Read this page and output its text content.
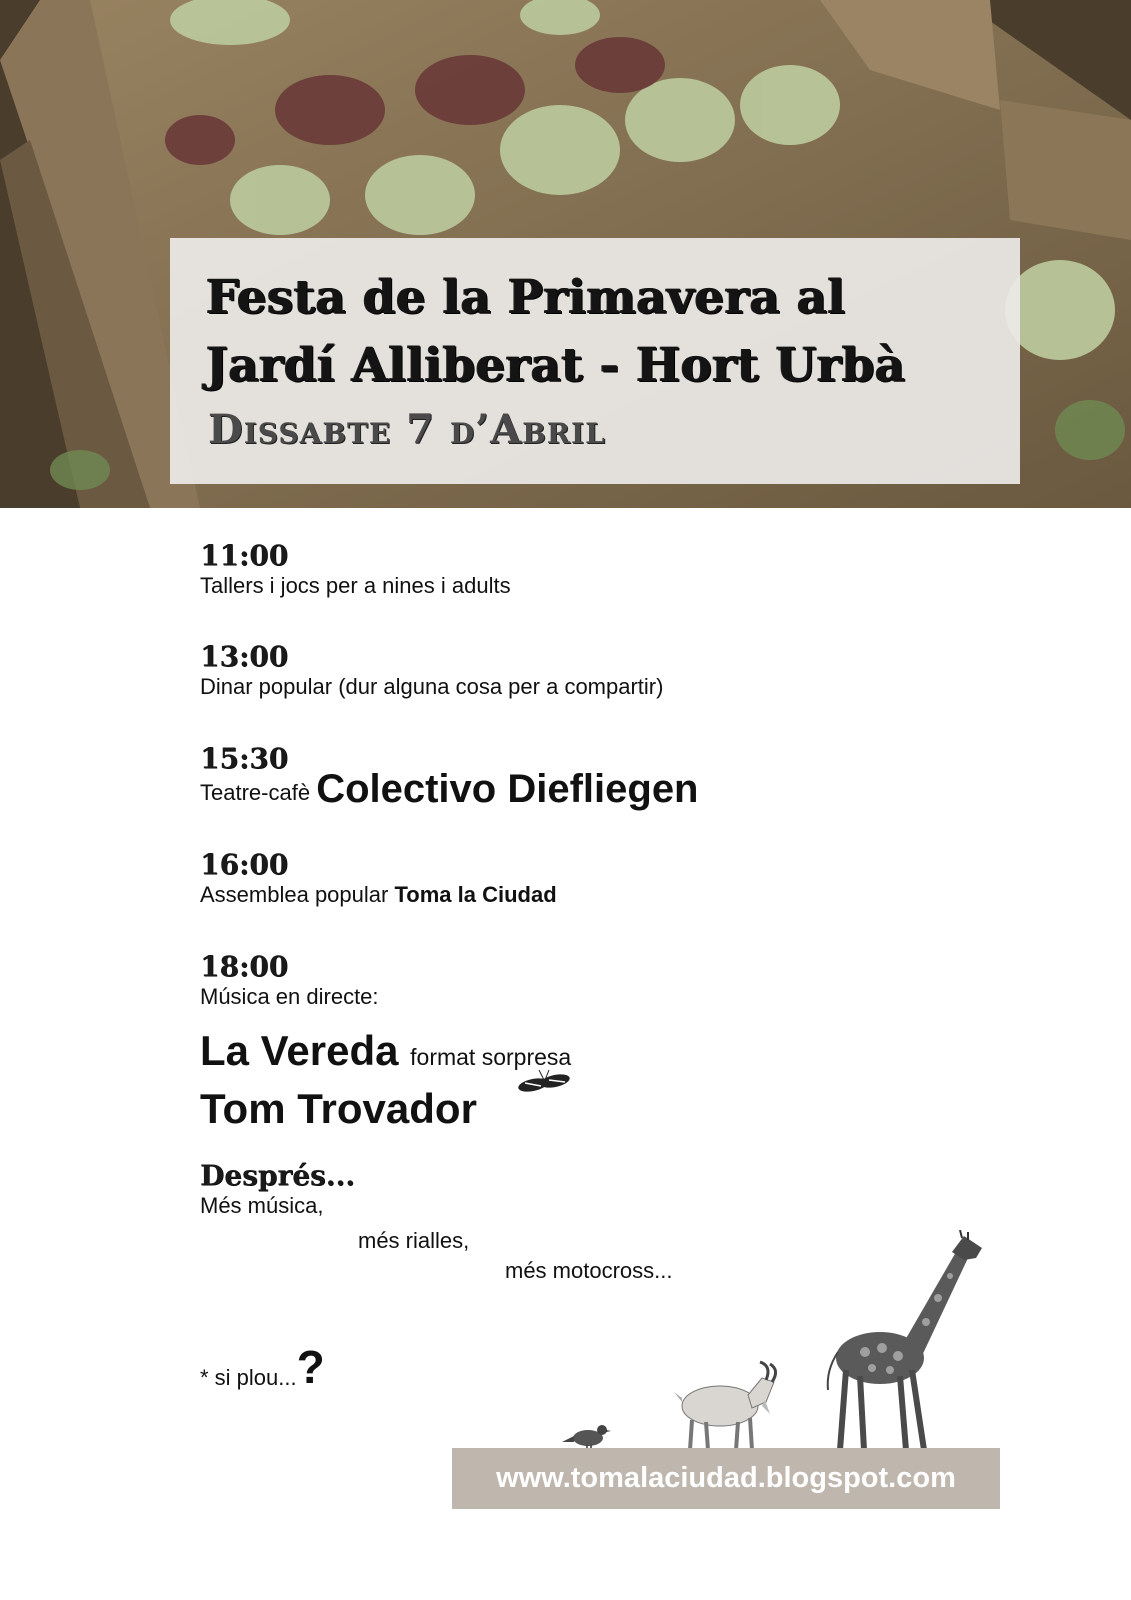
Festa de la Primavera al
Jardí Alliberat - Hort Urbà
Dissabte 7 d’Abril
11:00
Tallers i jocs per a nines i adults
13:00
Dinar popular (dur alguna cosa per a compartir)
15:30
Teatre-cafè Colectivo Diefliegen
16:00
Assemblea popular Toma la Ciudad
18:00
Música en directe:
La Vereda format sorpresa
Tom Trovador
Després...
Més música,
més rialles,
més motocross...
* si plou...?
www.tomalaciudad.blogspot.com
